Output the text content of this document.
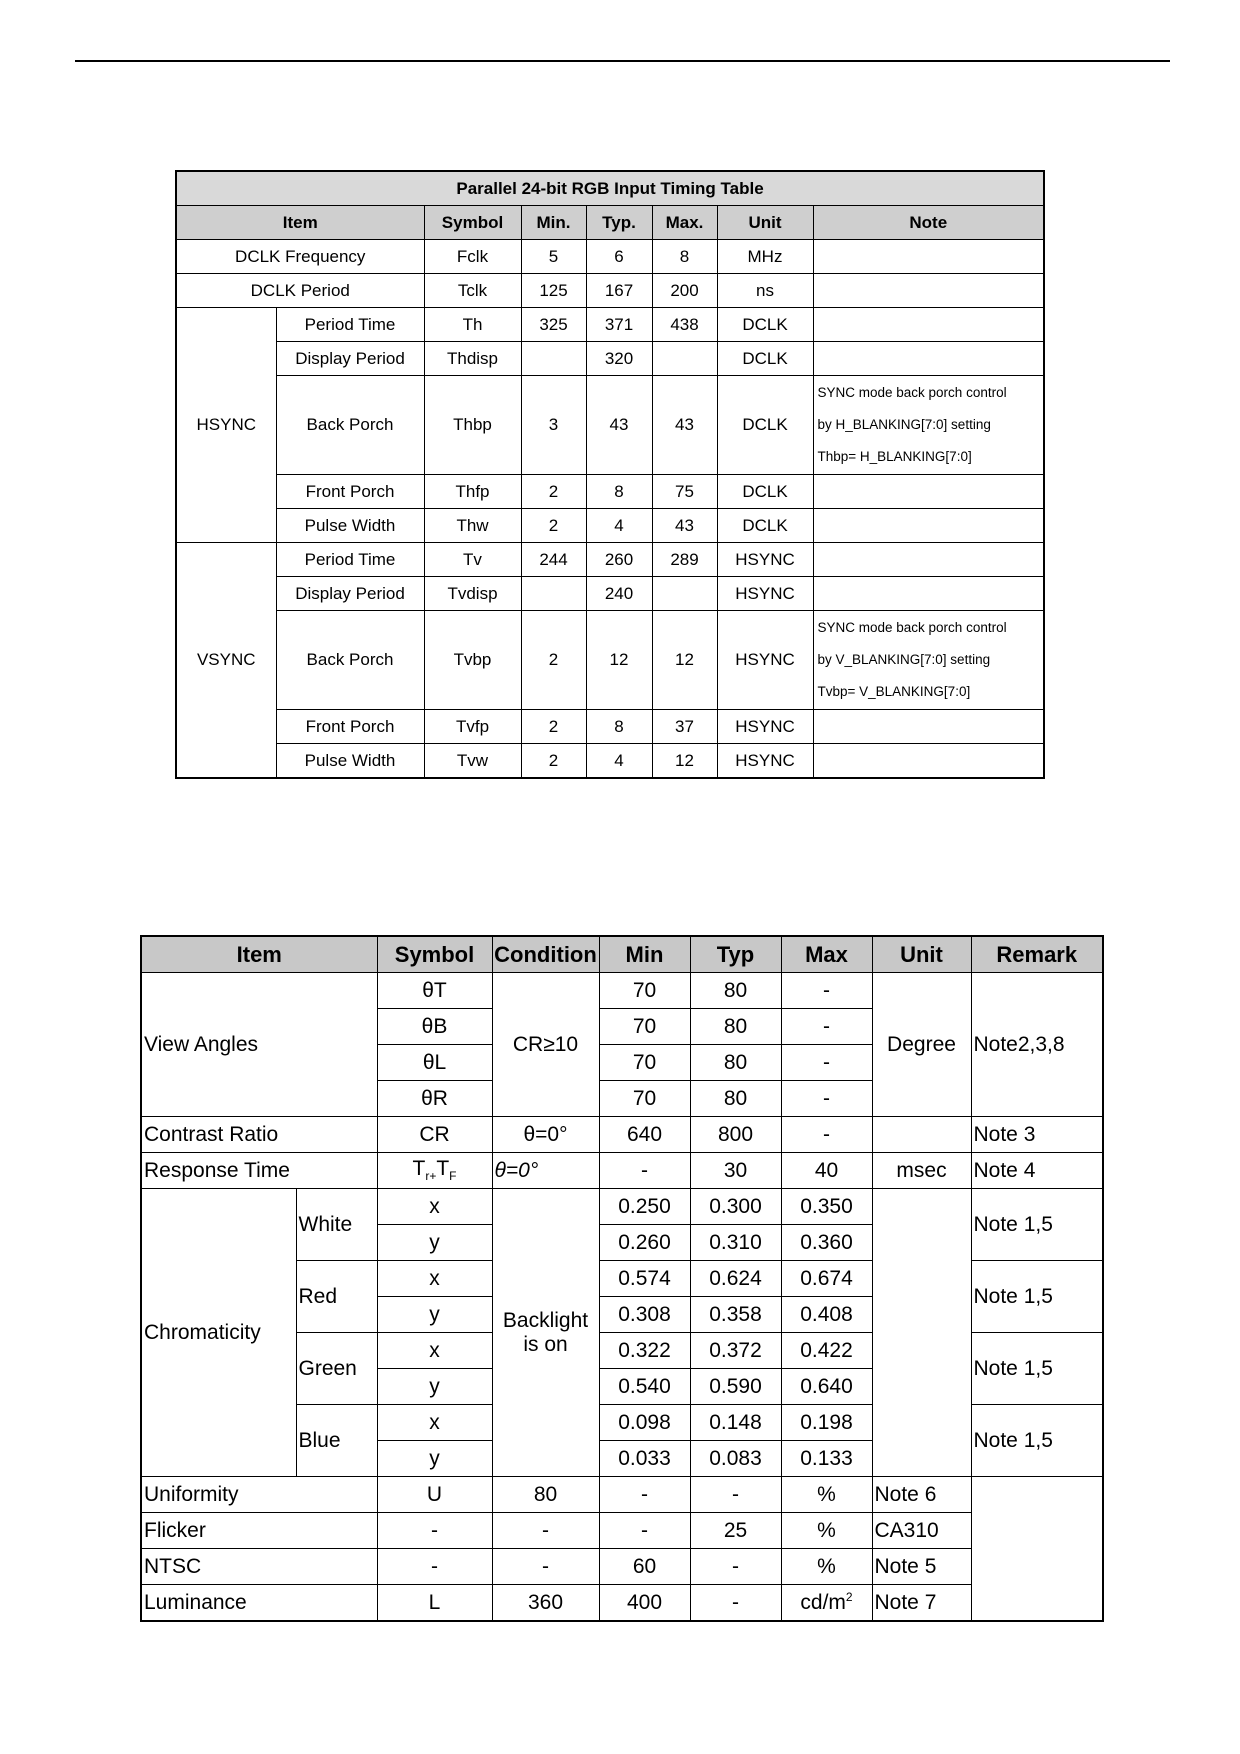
Parallel 24-bit RGB Input Timing Table							
Item		Symbol	Min.	Typ.	Max.	Unit	Note
DCLK Frequency		Fclk	5	6	8	MHz	
DCLK Period		Tclk	125	167	200	ns	
HSYNC	Period Time	Th	325	371	438	DCLK	
	Display Period	Thdisp		320		DCLK	
	Back Porch	Thbp	3	43	43	DCLK	SYNC mode back porch control
by H_BLANKING[7:0] setting
Thbp= H_BLANKING[7:0]

	Front Porch	Thfp	2	8	75	DCLK	
	Pulse Width	Thw	2	4	43	DCLK	
VSYNC	Period Time	Tv	244	260	289	HSYNC	
	Display Period	Tvdisp		240		HSYNC	
	Back Porch	Tvbp	2	12	12	HSYNC	SYNC mode back porch control
by V_BLANKING[7:0] setting
Tvbp= V_BLANKING[7:0]

	Front Porch	Tvfp	2	8	37	HSYNC	
	Pulse Width	Tvw	2	4	12	HSYNC	
Item		Symbol	Condition	Min	Typ	Max	Unit	Remark
View Angles		θT	CR≥10	70	80	-	Degree	Note2,3,8
		θB		70	80	-		
		θL		70	80	-		
		θR		70	80	-		
Contrast Ratio		CR	θ=0°	640	800	-		Note 3
Response Time		$T_{r+}T_F$	θ=0°	-	30	40	msec	Note 4
Chromaticity	White	x	Backlight
is on	0.250	0.300	0.350		Note 1,5
		y		0.260	0.310	0.360		
	Red	x		0.574	0.624	0.674		Note 1,5
		y		0.308	0.358	0.408		
	Green	x		0.322	0.372	0.422		Note 1,5
		y		0.540	0.590	0.640		
	Blue	x		0.098	0.148	0.198		Note 1,5
		y		0.033	0.083	0.133		
Uniformity		U	80	-	-	%	Note 6	
Flicker		-	-	-	25	%	CA310	
NTSC		-	-	60	-	%	Note 5	
Luminance		L	360	400	-	$cd/m^2$	Note 7	
